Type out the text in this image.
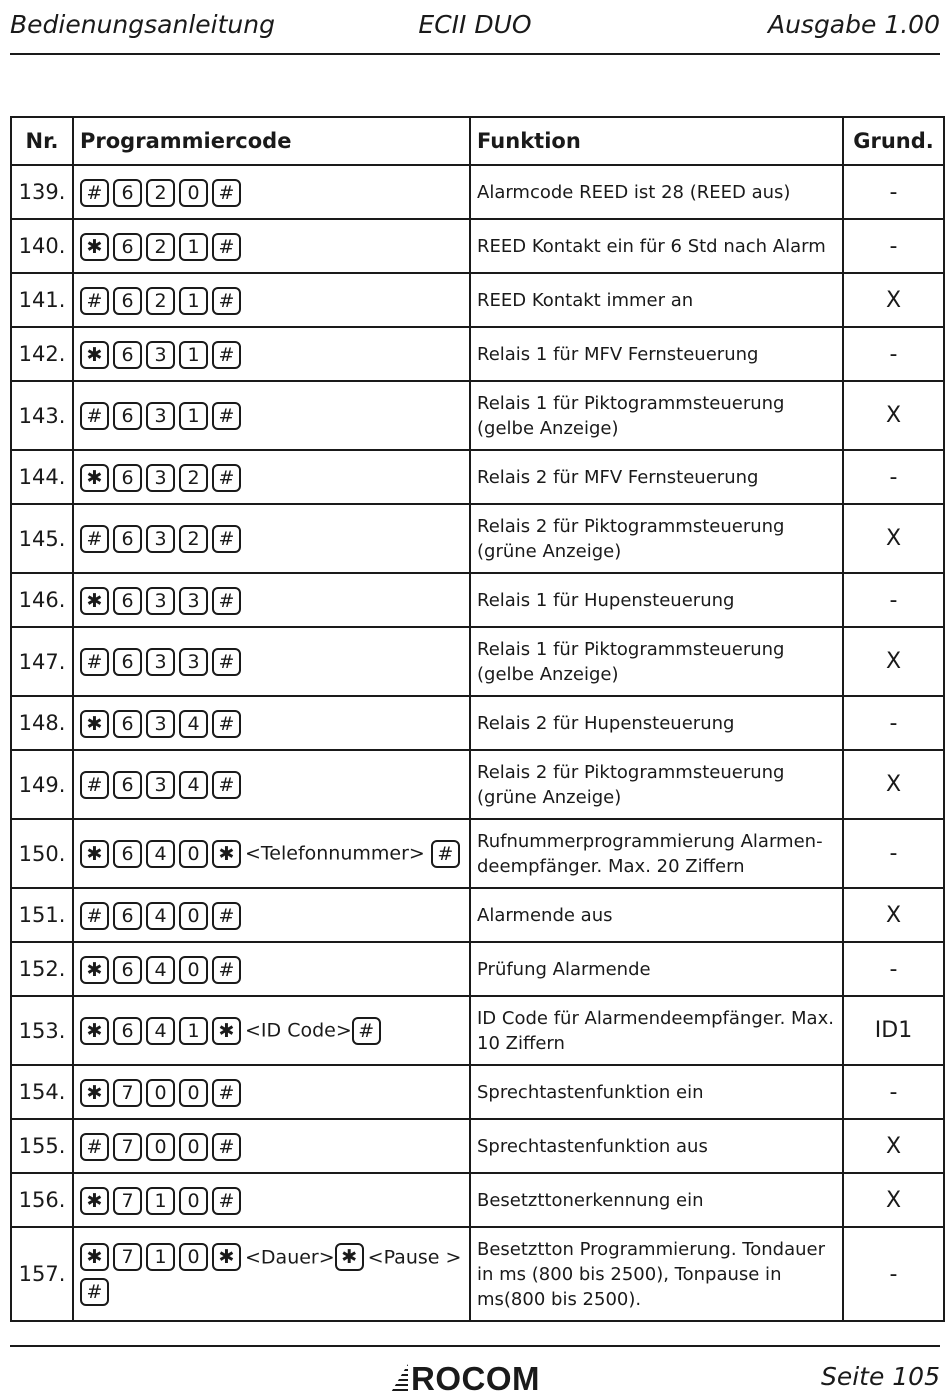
Bedienungsanleitung	ECII DUO	Ausgabe 1.00
Nr.	Programmiercode	Funktion	Grund.
139.	# 6 2 0 #	Alarmcode REED ist 28 (REED aus)	-
140.	✱ 6 2 1 #	REED Kontakt ein für 6 Std nach Alarm	-
141.	# 6 2 1 #	REED Kontakt immer an	X
142.	✱ 6 3 1 #	Relais 1 für MFV Fernsteuerung	-
143.	# 6 3 1 #	Relais 1 für Piktogrammsteuerung (gelbe Anzeige)	X
144.	✱ 6 3 2 #	Relais 2 für MFV Fernsteuerung	-
145.	# 6 3 2 #	Relais 2 für Piktogrammsteuerung (grüne Anzeige)	X
146.	✱ 6 3 3 #	Relais 1 für Hupensteuerung	-
147.	# 6 3 3 #	Relais 1 für Piktogrammsteuerung (gelbe Anzeige)	X
148.	✱ 6 3 4 #	Relais 2 für Hupensteuerung	-
149.	# 6 3 4 #	Relais 2 für Piktogrammsteuerung (grüne Anzeige)	X
150.	✱ 6 4 0 ✱ <Telefonnummer> #	Rufnummerprogrammierung Alarmendeempfänger. Max. 20 Ziffern	-
151.	# 6 4 0 #	Alarmende aus	X
152.	✱ 6 4 0 #	Prüfung Alarmende	-
153.	✱ 6 4 1 ✱ <ID Code> #	ID Code für Alarmendeempfänger. Max. 10 Ziffern	ID1
154.	✱ 7 0 0 #	Sprechtastenfunktion ein	-
155.	# 7 0 0 #	Sprechtastenfunktion aus	X
156.	✱ 7 1 0 #	Besetzttonerkennung ein	X
157.	✱ 7 1 0 ✱ <Dauer> ✱ <Pause >#	Besetztton Programmierung. Tondauer in ms (800 bis 2500), Tonpause in ms(800 bis 2500).	-
ROCOM	Seite 105
